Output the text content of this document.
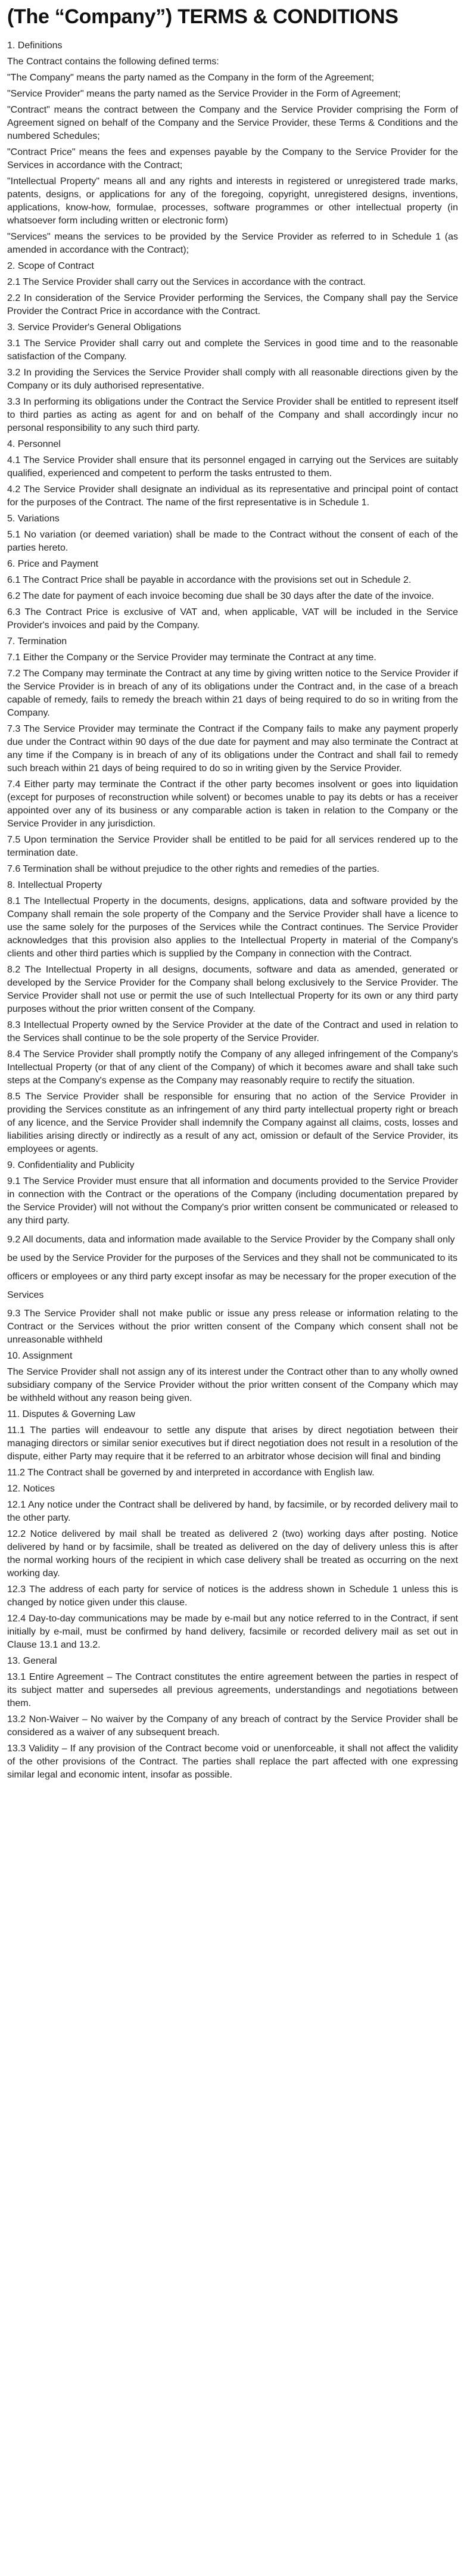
(The “Company”) TERMS & CONDITIONS

1. Definitions

The Contract contains the following defined terms:

"The Company" means the party named as the Company in the form of the Agreement;

"Service Provider" means the party named as the Service Provider in the Form of Agreement;

"Contract" means the contract between the Company and the Service Provider comprising the Form of Agreement signed on behalf of the Company and the Service Provider, these Terms & Conditions and the numbered Schedules;

"Contract Price" means the fees and expenses payable by the Company to the Service Provider for the Services in accordance with the Contract;

"Intellectual Property" means all and any rights and interests in registered or unregistered trade marks, patents, designs, or applications for any of the foregoing, copyright, unregistered designs, inventions, applications, know-how, formulae, processes, software programmes or other intellectual property (in whatsoever form including written or electronic form)

"Services" means the services to be provided by the Service Provider as referred to in Schedule 1 (as amended in accordance with the Contract);

2. Scope of Contract

2.1 The Service Provider shall carry out the Services in accordance with the contract.

2.2 In consideration of the Service Provider performing the Services, the Company shall pay the Service Provider the Contract Price in accordance with the Contract.

3. Service Provider's General Obligations

3.1 The Service Provider shall carry out and complete the Services in good time and to the reasonable satisfaction of the Company.

3.2 In providing the Services the Service Provider shall comply with all reasonable directions given by the Company or its duly authorised representative.

3.3 In performing its obligations under the Contract the Service Provider shall be entitled to represent itself to third parties as acting as agent for and on behalf of the Company and shall accordingly incur no personal responsibility to any such third party.

4. Personnel

4.1 The Service Provider shall ensure that its personnel engaged in carrying out the Services are suitably qualified, experienced and competent to perform the tasks entrusted to them.

4.2 The Service Provider shall designate an individual as its representative and principal point of contact for the purposes of the Contract. The name of the first representative is in Schedule 1.

5. Variations

5.1 No variation (or deemed variation) shall be made to the Contract without the consent of each of the parties hereto.

6. Price and Payment

6.1 The Contract Price shall be payable in accordance with the provisions set out in Schedule 2.

6.2 The date for payment of each invoice becoming due shall be 30 days after the date of the invoice.

6.3 The Contract Price is exclusive of VAT and, when applicable, VAT will be included in the Service Provider's invoices and paid by the Company.

7. Termination

7.1 Either the Company or the Service Provider may terminate the Contract at any time.

7.2 The Company may terminate the Contract at any time by giving written notice to the Service Provider if the Service Provider is in breach of any of its obligations under the Contract and, in the case of a breach capable of remedy, fails to remedy the breach within 21 days of being required to do so in writing from the Company.

7.3 The Service Provider may terminate the Contract if the Company fails to make any payment properly due under the Contract within 90 days of the due date for payment and may also terminate the Contract at any time if the Company is in breach of any of its obligations under the Contract and shall fail to remedy such breach within 21 days of being required to do so in writing given by the Service Provider.

7.4 Either party may terminate the Contract if the other party becomes insolvent or goes into liquidation (except for purposes of reconstruction while solvent) or becomes unable to pay its debts or has a receiver appointed over any of its business or any comparable action is taken in relation to the Company or the Service Provider in any jurisdiction.

7.5 Upon termination the Service Provider shall be entitled to be paid for all services rendered up to the termination date.

7.6 Termination shall be without prejudice to the other rights and remedies of the parties.

8. Intellectual Property

8.1 The Intellectual Property in the documents, designs, applications, data and software provided by the Company shall remain the sole property of the Company and the Service Provider shall have a licence to use the same solely for the purposes of the Services while the Contract continues. The Service Provider acknowledges that this provision also applies to the Intellectual Property in material of the Company's clients and other third parties which is supplied by the Company in connection with the Contract.

8.2 The Intellectual Property in all designs, documents, software and data as amended, generated or developed by the Service Provider for the Company shall belong exclusively to the Service Provider. The Service Provider shall not use or permit the use of such Intellectual Property for its own or any third party purposes without the prior written consent of the Company.

8.3 Intellectual Property owned by the Service Provider at the date of the Contract and used in relation to the Services shall continue to be the sole property of the Service Provider.

8.4 The Service Provider shall promptly notify the Company of any alleged infringement of the Company's Intellectual Property (or that of any client of the Company) of which it becomes aware and shall take such steps at the Company's expense as the Company may reasonably require to rectify the situation.

8.5 The Service Provider shall be responsible for ensuring that no action of the Service Provider in providing the Services constitute as an infringement of any third party intellectual property right or breach of any licence, and the Service Provider shall indemnify the Company against all claims, costs, losses and liabilities arising directly or indirectly as a result of any act, omission or default of the Service Provider, its employees or agents.

9. Confidentiality and Publicity

9.1 The Service Provider must ensure that all information and documents provided to the Service Provider in connection with the Contract or the operations of the Company (including documentation prepared by the Service Provider) will not without the Company's prior written consent be communicated or released to any third party.

9.2 All documents, data and information made available to the Service Provider by the Company shall only be used by the Service Provider for the purposes of the Services and they shall not be communicated to its officers or employees or any third party except insofar as may be necessary for the proper execution of the Services

9.3 The Service Provider shall not make public or issue any press release or information relating to the Contract or the Services without the prior written consent of the Company which consent shall not be unreasonable withheld

10. Assignment

The Service Provider shall not assign any of its interest under the Contract other than to any wholly owned subsidiary company of the Service Provider without the prior written consent of the Company which may be withheld without any reason being given.

11. Disputes & Governing Law

11.1 The parties will endeavour to settle any dispute that arises by direct negotiation between their managing directors or similar senior executives but if direct negotiation does not result in a resolution of the dispute, either Party may require that it be referred to an arbitrator whose decision will final and binding

11.2 The Contract shall be governed by and interpreted in accordance with English law.

12. Notices

12.1 Any notice under the Contract shall be delivered by hand, by facsimile, or by recorded delivery mail to the other party.

12.2 Notice delivered by mail shall be treated as delivered 2 (two) working days after posting. Notice delivered by hand or by facsimile, shall be treated as delivered on the day of delivery unless this is after the normal working hours of the recipient in which case delivery shall be treated as occurring on the next working day.

12.3 The address of each party for service of notices is the address shown in Schedule 1 unless this is changed by notice given under this clause.

12.4 Day-to-day communications may be made by e-mail but any notice referred to in the Contract, if sent initially by e-mail, must be confirmed by hand delivery, facsimile or recorded delivery mail as set out in Clause 13.1 and 13.2.

13. General

13.1 Entire Agreement – The Contract constitutes the entire agreement between the parties in respect of its subject matter and supersedes all previous agreements, understandings and negotiations between them.

13.2 Non-Waiver – No waiver by the Company of any breach of contract by the Service Provider shall be considered as a waiver of any subsequent breach.

13.3 Validity – If any provision of the Contract become void or unenforceable, it shall not affect the validity of the other provisions of the Contract. The parties shall replace the part affected with one expressing similar legal and economic intent, insofar as possible.
